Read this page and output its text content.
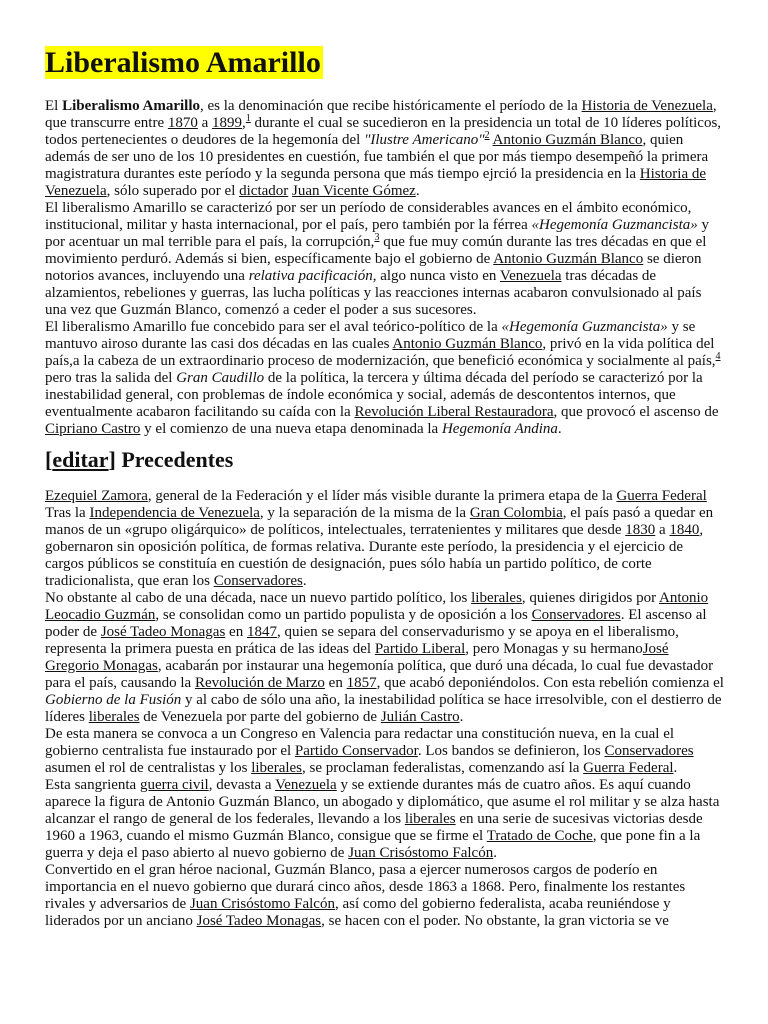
Liberalismo Amarillo

El Liberalismo Amarillo, es la denominación que recibe históricamente el período de la Historia de Venezuela, que transcurre entre 1870 a 1899,$^1$ durante el cual se sucedieron en la presidencia un total de 10 líderes políticos, todos pertenecientes o deudores de la hegemonía del "Ilustre Americano"$^2$ Antonio Guzmán Blanco, quien además de ser uno de los 10 presidentes en cuestión, fue también el que por más tiempo desempeñó la primera magistratura durantes este período y la segunda persona que más tiempo ejrció la presidencia en la Historia de Venezuela, sólo superado por el dictador Juan Vicente Gómez.

El liberalismo Amarillo se caracterizó por ser un período de considerables avances en el ámbito económico, institucional, militar y hasta internacional, por el país, pero también por la férrea «Hegemonía Guzmancista» y por acentuar un mal terrible para el país, la corrupción,$^3$ que fue muy común durante las tres décadas en que el movimiento perduró. Además si bien, específicamente bajo el gobierno de Antonio Guzmán Blanco se dieron notorios avances, incluyendo una relativa pacificación, algo nunca visto en Venezuela tras décadas de alzamientos, rebeliones y guerras, las lucha políticas y las reacciones internas acabaron convulsionado al país una vez que Guzmán Blanco, comenzó a ceder el poder a sus sucesores.

El liberalismo Amarillo fue concebido para ser el aval teórico-político de la «Hegemonía Guzmancista» y se mantuvo airoso durante las casi dos décadas en las cuales Antonio Guzmán Blanco, privó en la vida política del país,a la cabeza de un extraordinario proceso de modernización, que benefició económica y socialmente al país,$^4$ pero tras la salida del Gran Caudillo de la política, la tercera y última década del período se caracterizó por la inestabilidad general, con problemas de índole económica y social, además de descontentos internos, que eventualmente acabaron facilitando su caída con la Revolución Liberal Restauradora, que provocó el ascenso de Cipriano Castro y el comienzo de una nueva etapa denominada la Hegemonía Andina.

[editar] Precedentes

Ezequiel Zamora, general de la Federación y el líder más visible durante la primera etapa de la Guerra Federal

Tras la Independencia de Venezuela, y la separación de la misma de la Gran Colombia, el país pasó a quedar en manos de un «grupo oligárquico» de políticos, intelectuales, terratenientes y militares que desde 1830 a 1840, gobernaron sin oposición política, de formas relativa. Durante este período, la presidencia y el ejercicio de cargos públicos se constituía en cuestión de designación, pues sólo había un partido político, de corte tradicionalista, que eran los Conservadores.

No obstante al cabo de una década, nace un nuevo partido político, los liberales, quienes dirigidos por Antonio Leocadio Guzmán, se consolidan como un partido populista y de oposición a los Conservadores. El ascenso al poder de José Tadeo Monagas en 1847, quien se separa del conservadurismo y se apoya en el liberalismo, representa la primera puesta en prática de las ideas del Partido Liberal, pero Monagas y su hermanoJosé Gregorio Monagas, acabarán por instaurar una hegemonía política, que duró una década, lo cual fue devastador para el país, causando la Revolución de Marzo en 1857, que acabó deponiéndolos. Con esta rebelión comienza el Gobierno de la Fusión y al cabo de sólo una año, la inestabilidad política se hace irresolvible, con el destierro de líderes liberales de Venezuela por parte del gobierno de Julián Castro.

De esta manera se convoca a un Congreso en Valencia para redactar una constitución nueva, en la cual el gobierno centralista fue instaurado por el Partido Conservador. Los bandos se definieron, los Conservadores asumen el rol de centralistas y los liberales, se proclaman federalistas, comenzando así la Guerra Federal.

Esta sangrienta guerra civil, devasta a Venezuela y se extiende durantes más de cuatro años. Es aquí cuando aparece la figura de Antonio Guzmán Blanco, un abogado y diplomático, que asume el rol militar y se alza hasta alcanzar el rango de general de los federales, llevando a los liberales en una serie de sucesivas victorias desde 1960 a 1963, cuando el mismo Guzmán Blanco, consigue que se firme el Tratado de Coche, que pone fin a la guerra y deja el paso abierto al nuevo gobierno de Juan Crisóstomo Falcón.

Convertido en el gran héroe nacional, Guzmán Blanco, pasa a ejercer numerosos cargos de poderío en importancia en el nuevo gobierno que durará cinco años, desde 1863 a 1868. Pero, finalmente los restantes rivales y adversarios de Juan Crisóstomo Falcón, así como del gobierno federalista, acaba reuniéndose y liderados por un anciano José Tadeo Monagas, se hacen con el poder. No obstante, la gran victoria se ve
